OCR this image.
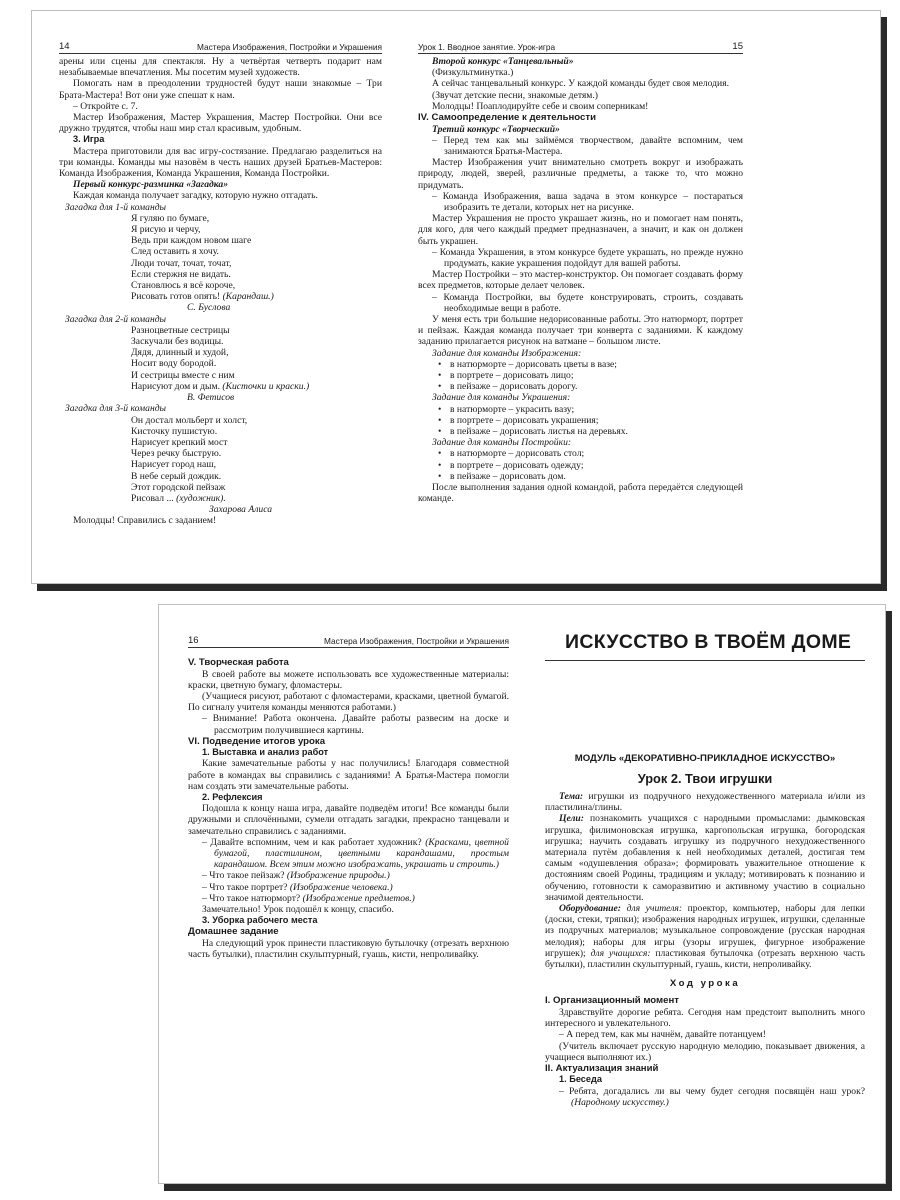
14	Мастера Изображения, Постройки и Украшения

арены или сцены для спектакля. Ну а четвёртая четверть подарит нам незабываемые впечатления. Мы посетим музей художеств.

Помогать нам в преодолении трудностей будут наши знакомые – Три Брата-Мастера! Вот они уже спешат к нам.

– Откройте с. 7.

Мастер Изображения, Мастер Украшения, Мастер Постройки. Они все дружно трудятся, чтобы наш мир стал красивым, удобным.

3. Игра

Мастера приготовили для вас игру-состязание. Предлагаю разделиться на три команды. Команды мы назовём в честь наших друзей Братьев-Мастеров: Команда Изображения, Команда Украшения, Команда Постройки.

Первый конкурс-разминка «Загадка»

Каждая команда получает загадку, которую нужно отгадать.

Загадка для 1-й команды
Я гуляю по бумаге,
Я рисую и черчу,
Ведь при каждом новом шаге
След оставить я хочу.
Люди точат, точат, точат,
Если стержня не видать.
Становлюсь я всё короче,
Рисовать готов опять! (Карандаш.)
С. Буслова
Загадка для 2-й команды
Разноцветные сестрицы
Заскучали без водицы.
Дядя, длинный и худой,
Носит воду бородой.
И сестрицы вместе с ним
Нарисуют дом и дым. (Кисточки и краски.)
В. Фетисов
Загадка для 3-й команды
Он достал мольберт и холст,
Кисточку пушистую.
Нарисует крепкий мост
Через речку быструю.
Нарисует город наш,
В небе серый дождик.
Этот городской пейзаж
Рисовал ... (художник).
Захарова Алиса

Молодцы! Справились с заданием!

Урок 1. Вводное занятие. Урок-игра	15
Второй конкурс «Танцевальный»

(Физкультминутка.)

А сейчас танцевальный конкурс. У каждой команды будет своя мелодия.

(Звучат детские песни, знакомые детям.)

Молодцы! Поаплодируйте себе и своим соперникам!

IV. Самоопределение к деятельности
Третий конкурс «Творческий»

– Перед тем как мы займёмся творчеством, давайте вспомним, чем занимаются Братья-Мастера.

Мастер Изображения учит внимательно смотреть вокруг и изображать природу, людей, зверей, различные предметы, а также то, что можно придумать.

– Команда Изображения, ваша задача в этом конкурсе – постараться изобразить те детали, которых нет на рисунке.

Мастер Украшения не просто украшает жизнь, но и помогает нам понять, для кого, для чего каждый предмет предназначен, а значит, и как он должен быть украшен.

– Команда Украшения, в этом конкурсе будете украшать, но прежде нужно продумать, какие украшения подойдут для вашей работы.

Мастер Постройки – это мастер-конструктор. Он помогает создавать форму всех предметов, которые делает человек.

– Команда Постройки, вы будете конструировать, строить, создавать необходимые вещи в работе.

У меня есть три большие недорисованные работы. Это натюрморт, портрет и пейзаж. Каждая команда получает три конверта с заданиями. К каждому заданию прилагается рисунок на ватмане – большом листе.

Задание для команды Изображения:
• в натюрморте – дорисовать цветы в вазе;
• в портрете – дорисовать лицо;
• в пейзаже – дорисовать дорогу.
Задание для команды Украшения:
• в натюрморте – украсить вазу;
• в портрете – дорисовать украшения;
• в пейзаже – дорисовать листья на деревьях.
Задание для команды Постройки:
• в натюрморте – дорисовать стол;
• в портрете – дорисовать одежду;
• в пейзаже – дорисовать дом.

После выполнения задания одной командой, работа передаётся следующей команде.

16	Мастера Изображения, Постройки и Украшения
V. Творческая работа

В своей работе вы можете использовать все художественные материалы: краски, цветную бумагу, фломастеры.

(Учащиеся рисуют, работают с фломастерами, красками, цветной бумагой. По сигналу учителя команды меняются работами.)

– Внимание! Работа окончена. Давайте работы развесим на доске и рассмотрим получившиеся картины.

VI. Подведение итогов урока
1. Выставка и анализ работ

Какие замечательные работы у нас получились! Благодаря совместной работе в командах вы справились с заданиями! А Братья-Мастера помогли нам создать эти замечательные работы.

2. Рефлексия

Подошла к концу наша игра, давайте подведём итоги! Все команды были дружными и сплочёнными, сумели отгадать загадки, прекрасно танцевали и замечательно справились с заданиями.

– Давайте вспомним, чем и как работает художник? (Красками, цветной бумагой, пластилином, цветными карандашами, простым карандашом. Всем этим можно изображать, украшать и строить.)

– Что такое пейзаж? (Изображение природы.)

– Что такое портрет? (Изображение человека.)

– Что такое натюрморт? (Изображение предметов.)

Замечательно! Урок подошёл к концу, спасибо.

3. Уборка рабочего места
Домашнее задание

На следующий урок принести пластиковую бутылочку (отрезать верхнюю часть бутылки), пластилин скульптурный, гуашь, кисти, непроливайку.

ИСКУССТВО В ТВОЁМ ДОМЕ
МОДУЛЬ «ДЕКОРАТИВНО-ПРИКЛАДНОЕ ИСКУССТВО»
Урок 2. Твои игрушки

Тема: игрушки из подручного нехудожественного материала и/или из пластилина/глины.

Цели: познакомить учащихся с народными промыслами: дымковская игрушка, филимоновская игрушка, каргопольская игрушка, богородская игрушка; научить создавать игрушку из подручного нехудожественного материала путём добавления к ней необходимых деталей, достигая тем самым «одушевления образа»; формировать уважительное отношение к достояниям своей Родины, традициям и укладу; мотивировать к познанию и обучению, готовности к саморазвитию и активному участию в социально значимой деятельности.

Оборудование: для учителя: проектор, компьютер, наборы для лепки (доски, стеки, тряпки); изображения народных игрушек, игрушки, сделанные из подручных материалов; музыкальное сопровождение (русская народная мелодия); наборы для игры (узоры игрушек, фигурное изображение игрушек); для учащихся: пластиковая бутылочка (отрезать верхнюю часть бутылки), пластилин скульптурный, гуашь, кисти, непроливайку.

Ход урока
I. Организационный момент

Здравствуйте дорогие ребята. Сегодня нам предстоит выполнить много интересного и увлекательного.

– А перед тем, как мы начнём, давайте потанцуем!

(Учитель включает русскую народную мелодию, показывает движения, а учащиеся выполняют их.)

II. Актуализация знаний
1. Беседа

– Ребята, догадались ли вы чему будет сегодня посвящён наш урок? (Народному искусству.)
